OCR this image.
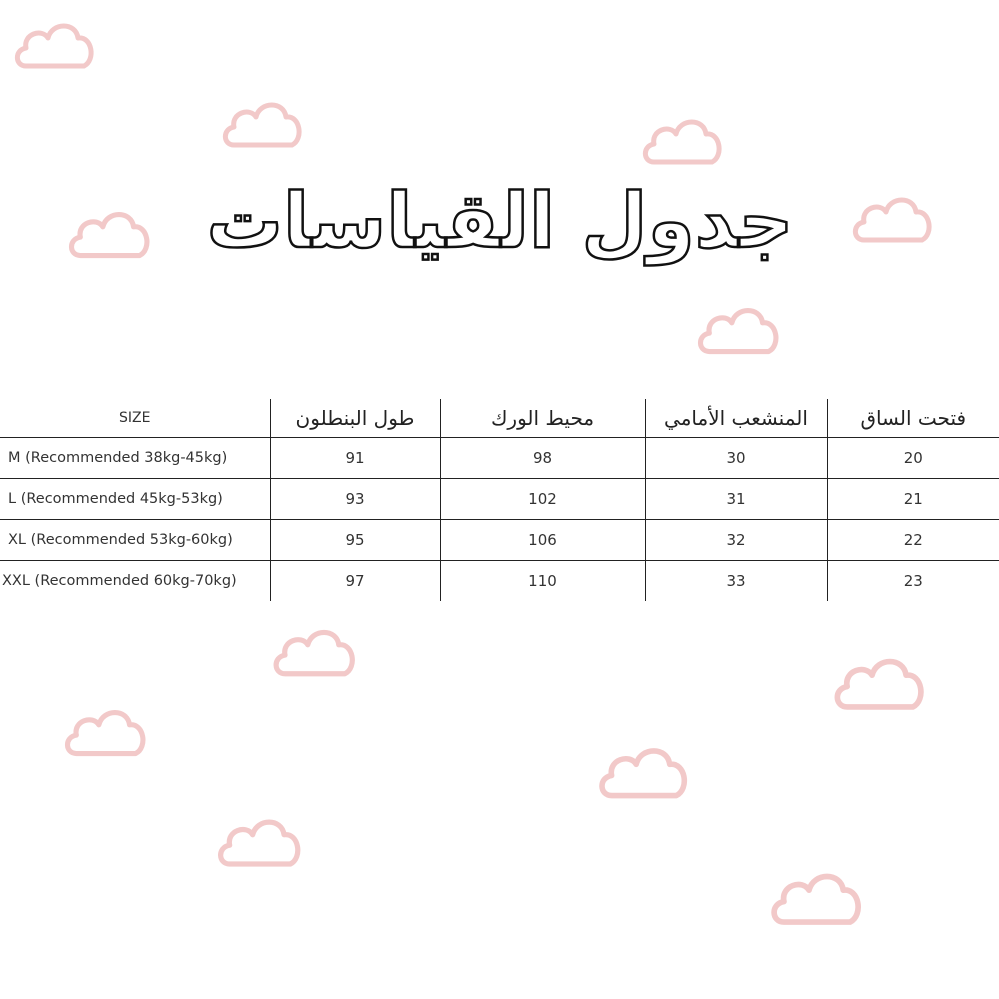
جدول القياسات
SIZE	طول البنطلون	محيط الورك	المنشعب الأمامي	فتحت الساق
M (Recommended 38kg-45kg)	91	98	30	20
L (Recommended 45kg-53kg)	93	102	31	21
XL (Recommended 53kg-60kg)	95	106	32	22
XXL (Recommended 60kg-70kg)	97	110	33	23
